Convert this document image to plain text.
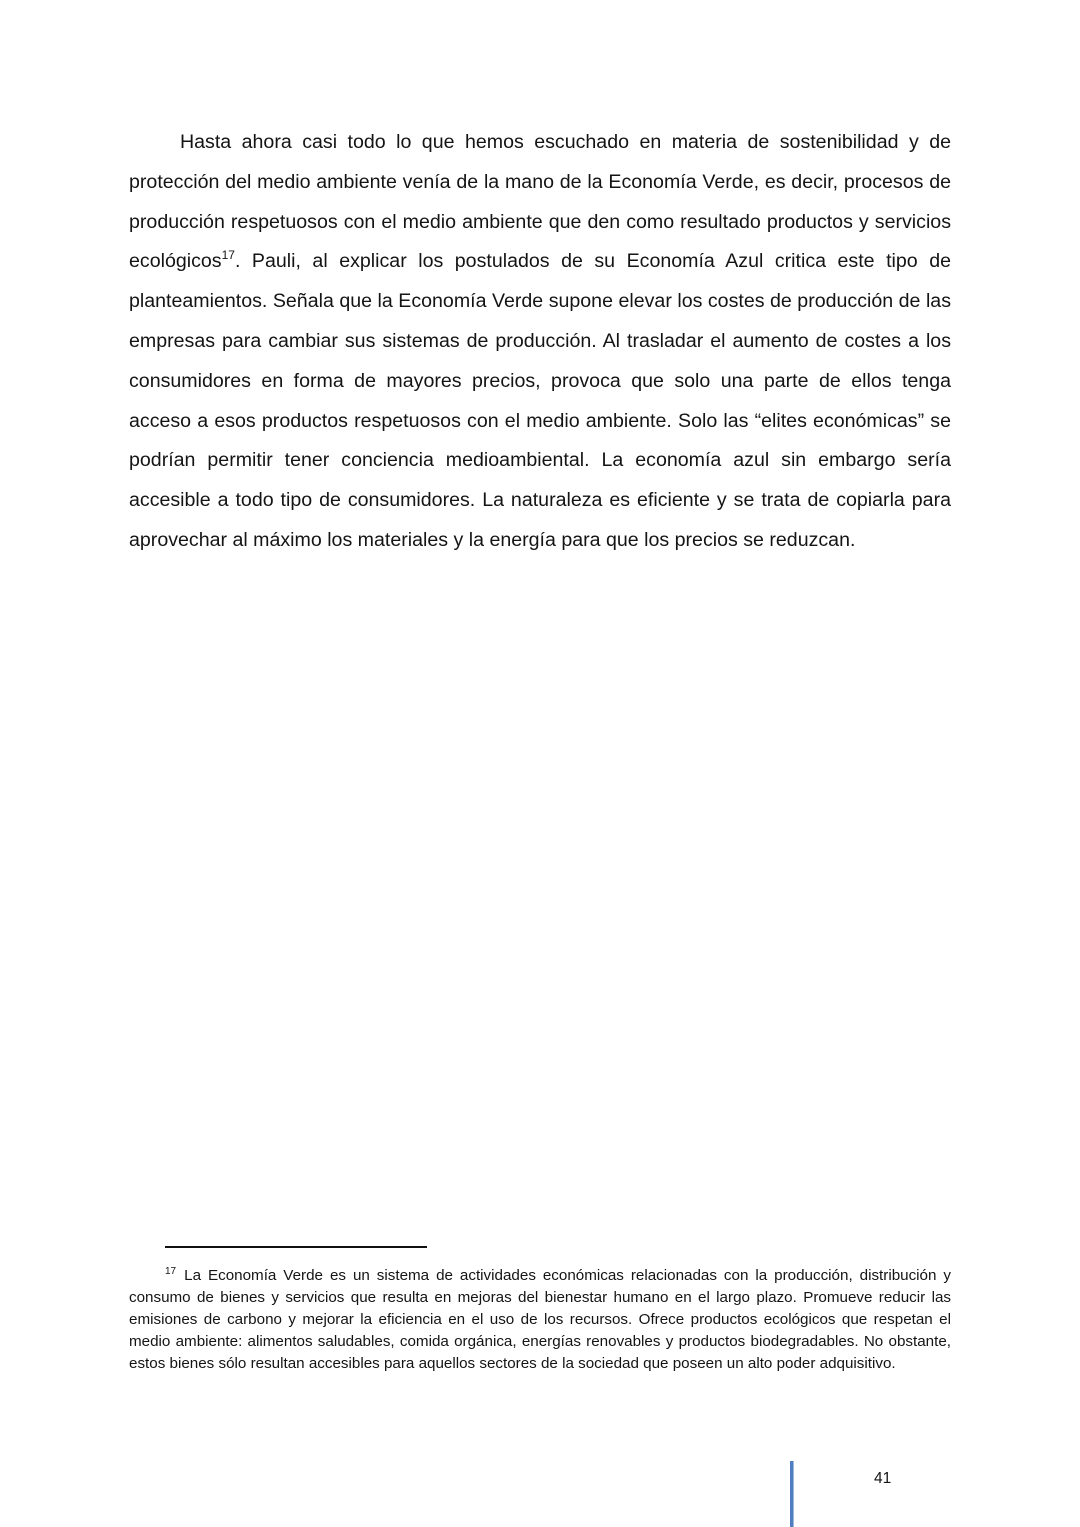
Hasta ahora casi todo lo que hemos escuchado en materia de sostenibilidad y de protección del medio ambiente venía de la mano de la Economía Verde, es decir, procesos de producción respetuosos con el medio ambiente que den como resultado productos y servicios ecológicos$^{17}$. Pauli, al explicar los postulados de su Economía Azul critica este tipo de planteamientos. Señala que la Economía Verde supone elevar los costes de producción de las empresas para cambiar sus sistemas de producción. Al trasladar el aumento de costes a los consumidores en forma de mayores precios, provoca que solo una parte de ellos tenga acceso a esos productos respetuosos con el medio ambiente. Solo las “elites económicas” se podrían permitir tener conciencia medioambiental. La economía azul sin embargo sería accesible a todo tipo de consumidores. La naturaleza es eficiente y se trata de copiarla para aprovechar al máximo los materiales y la energía para que los precios se reduzcan.

$^{17}$ La Economía Verde es un sistema de actividades económicas relacionadas con la producción, distribución y consumo de bienes y servicios que resulta en mejoras del bienestar humano en el largo plazo. Promueve reducir las emisiones de carbono y mejorar la eficiencia en el uso de los recursos. Ofrece productos ecológicos que respetan el medio ambiente: alimentos saludables, comida orgánica, energías renovables y productos biodegradables. No obstante, estos bienes sólo resultan accesibles para aquellos sectores de la sociedad que poseen un alto poder adquisitivo.

41
